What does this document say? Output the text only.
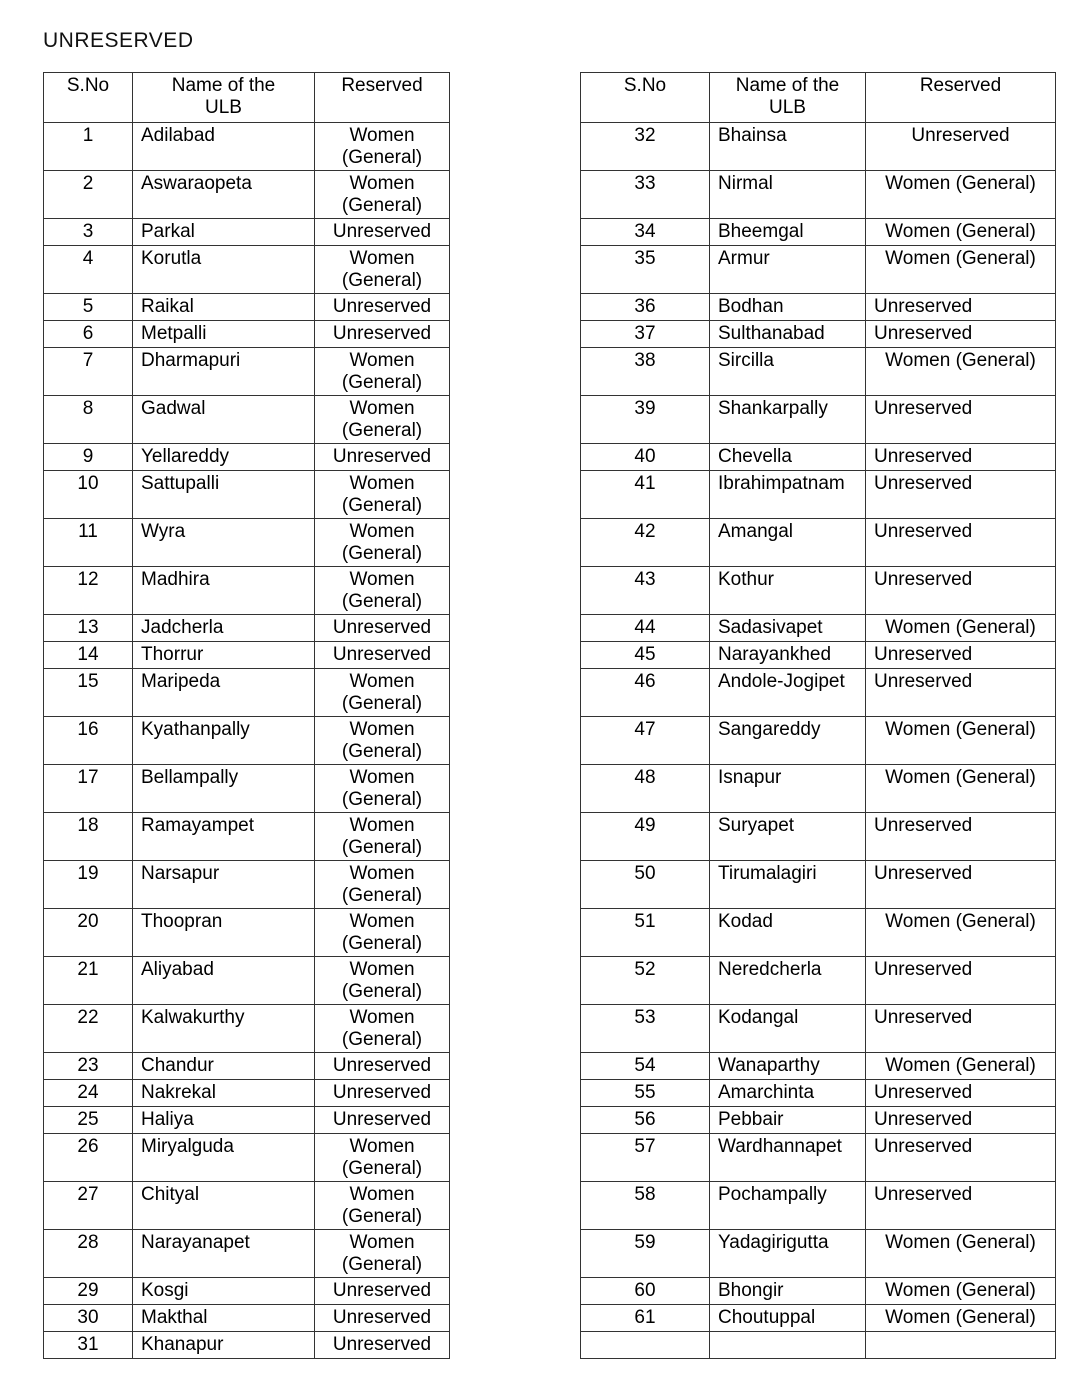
UNRESERVED
S.No	Name of the ULB	Reserved		S.No	Name of the ULB	Reserved
1	Adilabad	Women (General)		32	Bhainsa	Unreserved
2	Aswaraopeta	Women (General)		33	Nirmal	Women (General)
3	Parkal	Unreserved		34	Bheemgal	Women (General)
4	Korutla	Women (General)		35	Armur	Women (General)
5	Raikal	Unreserved		36	Bodhan	Unreserved
6	Metpalli	Unreserved		37	Sulthanabad	Unreserved
7	Dharmapuri	Women (General)		38	Sircilla	Women (General)
8	Gadwal	Women (General)		39	Shankarpally	Unreserved
9	Yellareddy	Unreserved		40	Chevella	Unreserved
10	Sattupalli	Women (General)		41	Ibrahimpatnam	Unreserved
11	Wyra	Women (General)		42	Amangal	Unreserved
12	Madhira	Women (General)		43	Kothur	Unreserved
13	Jadcherla	Unreserved		44	Sadasivapet	Women (General)
14	Thorrur	Unreserved		45	Narayankhed	Unreserved
15	Maripeda	Women (General)		46	Andole-Jogipet	Unreserved
16	Kyathanpally	Women (General)		47	Sangareddy	Women (General)
17	Bellampally	Women (General)		48	Isnapur	Women (General)
18	Ramayampet	Women (General)		49	Suryapet	Unreserved
19	Narsapur	Women (General)		50	Tirumalagiri	Unreserved
20	Thoopran	Women (General)		51	Kodad	Women (General)
21	Aliyabad	Women (General)		52	Neredcherla	Unreserved
22	Kalwakurthy	Women (General)		53	Kodangal	Unreserved
23	Chandur	Unreserved		54	Wanaparthy	Women (General)
24	Nakrekal	Unreserved		55	Amarchinta	Unreserved
25	Haliya	Unreserved		56	Pebbair	Unreserved
26	Miryalguda	Women (General)		57	Wardhannapet	Unreserved
27	Chityal	Women (General)		58	Pochampally	Unreserved
28	Narayanapet	Women (General)		59	Yadagirigutta	Women (General)
29	Kosgi	Unreserved		60	Bhongir	Women (General)
30	Makthal	Unreserved		61	Choutuppal	Women (General)
31	Khanapur	Unreserved				
